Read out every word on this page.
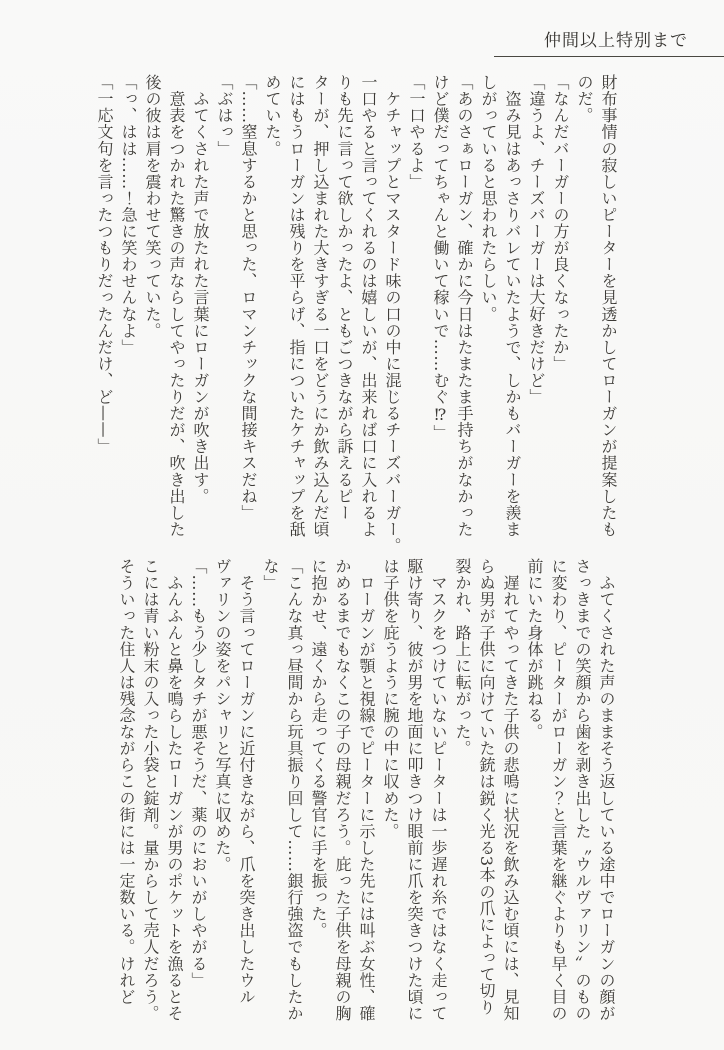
仲間以上特別まで

財布事情の寂しいピーターを見透かしてローガンが提案したも

のだ。

「なんだバーガーの方が良くなったか」

「違うよ、チーズバーガーは大好きだけど」

　盗み見はあっさりバレていたようで、しかもバーガーを羨ま

しがっていると思われたらしい。

「あのさぁローガン、確かに今日はたまたま手持ちがなかった

けど僕だってちゃんと働いて稼いで……むぐ⁉」

「一口やるよ」

　ケチャップとマスタード味の口の中に混じるチーズバーガー。

一口やると言ってくれるのは嬉しいが、出来れば口に入れるよ

りも先に言って欲しかったよ、ともごつきながら訴えるピー

ターが、押し込まれた大きすぎる一口をどうにか飲み込んだ頃

にはもうローガンは残りを平らげ、指についたケチャップを舐

めていた。

「……窒息するかと思った、ロマンチックな間接キスだね」

「ぶはっ」

　ふてくされた声で放たれた言葉にローガンが吹き出す。

　意表をつかれた驚きの声ならしてやったりだが、吹き出した

後の彼は肩を震わせて笑っていた。

「っ、はは……！急に笑わせんなよ」

「一応文句を言ったつもりだったんだけ、ど——」

　ふてくされた声のままそう返している途中でローガンの顔が

さっきまでの笑顔から歯を剥き出した〝ウルヴァリン〟のもの

に変わり、ピーターがローガン？と言葉を継ぐよりも早く目の

前にいた身体が跳ねる。

　遅れてやってきた子供の悲鳴に状況を飲み込む頃には、見知

らぬ男が子供に向けていた銃は鋭く光る3本の爪によって切り

裂かれ、路上に転がった。

　マスクをつけていないピーターは一歩遅れ糸ではなく走って

駆け寄り、彼が男を地面に叩きつけ眼前に爪を突きつけた頃に

は子供を庇うように腕の中に収めた。

　ローガンが顎と視線でピーターに示した先には叫ぶ女性、確

かめるまでもなくこの子の母親だろう。庇った子供を母親の胸

に抱かせ、遠くから走ってくる警官に手を振った。

「こんな真っ昼間から玩具振り回して……銀行強盗でもしたか

な」

　そう言ってローガンに近付きながら、爪を突き出したウル

ヴァリンの姿をパシャリと写真に収めた。

「……もう少しタチが悪そうだ、薬のにおいがしやがる」

　ふんふんと鼻を鳴らしたローガンが男のポケットを漁るとそ

こには青い粉末の入った小袋と錠剤。量からして売人だろう。

そういった住人は残念ながらこの街には一定数いる。けれど
